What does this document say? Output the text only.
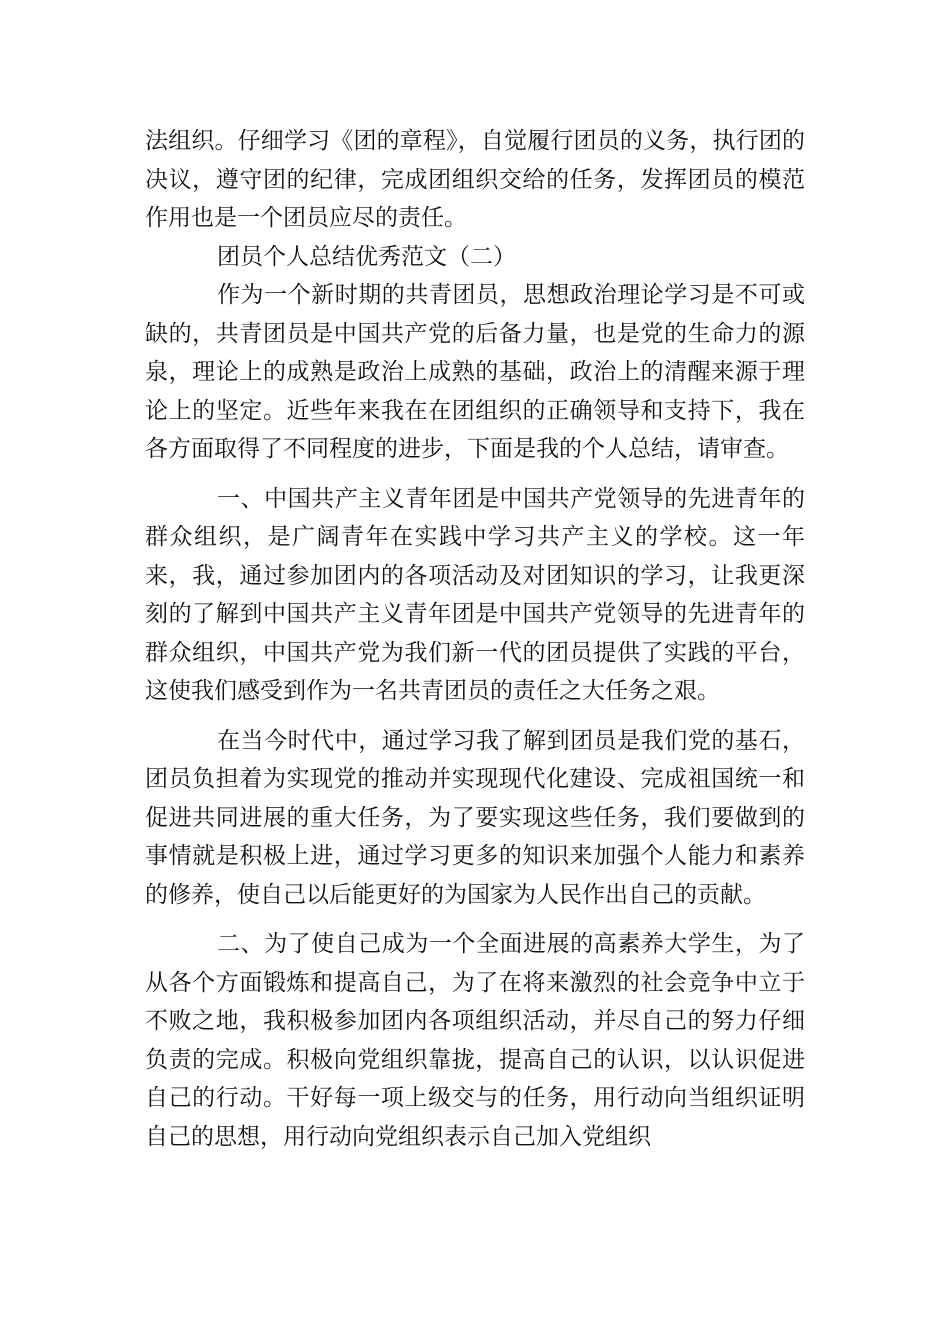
法组织。仔细学习《团的章程》，自觉履行团员的义务，执行团的决议，遵守团的纪律，完成团组织交给的任务，发挥团员的模范作用也是一个团员应尽的责任。

团员个人总结优秀范文（二）

作为一个新时期的共青团员，思想政治理论学习是不可或缺的，共青团员是中国共产党的后备力量，也是党的生命力的源泉，理论上的成熟是政治上成熟的基础，政治上的清醒来源于理论上的坚定。近些年来我在在团组织的正确领导和支持下，我在各方面取得了不同程度的进步，下面是我的个人总结，请审查。

一、中国共产主义青年团是中国共产党领导的先进青年的群众组织，是广阔青年在实践中学习共产主义的学校。这一年来，我，通过参加团内的各项活动及对团知识的学习，让我更深刻的了解到中国共产主义青年团是中国共产党领导的先进青年的群众组织，中国共产党为我们新一代的团员提供了实践的平台，这使我们感受到作为一名共青团员的责任之大任务之艰。

在当今时代中，通过学习我了解到团员是我们党的基石，团员负担着为实现党的推动并实现现代化建设、完成祖国统一和促进共同进展的重大任务，为了要实现这些任务，我们要做到的事情就是积极上进，通过学习更多的知识来加强个人能力和素养的修养，使自己以后能更好的为国家为人民作出自己的贡献。

二、为了使自己成为一个全面进展的高素养大学生，为了从各个方面锻炼和提高自己，为了在将来激烈的社会竞争中立于不败之地，我积极参加团内各项组织活动，并尽自己的努力仔细负责的完成。积极向党组织靠拢，提高自己的认识，以认识促进自己的行动。干好每一项上级交与的任务，用行动向当组织证明自己的思想，用行动向党组织表示自己加入党组织
